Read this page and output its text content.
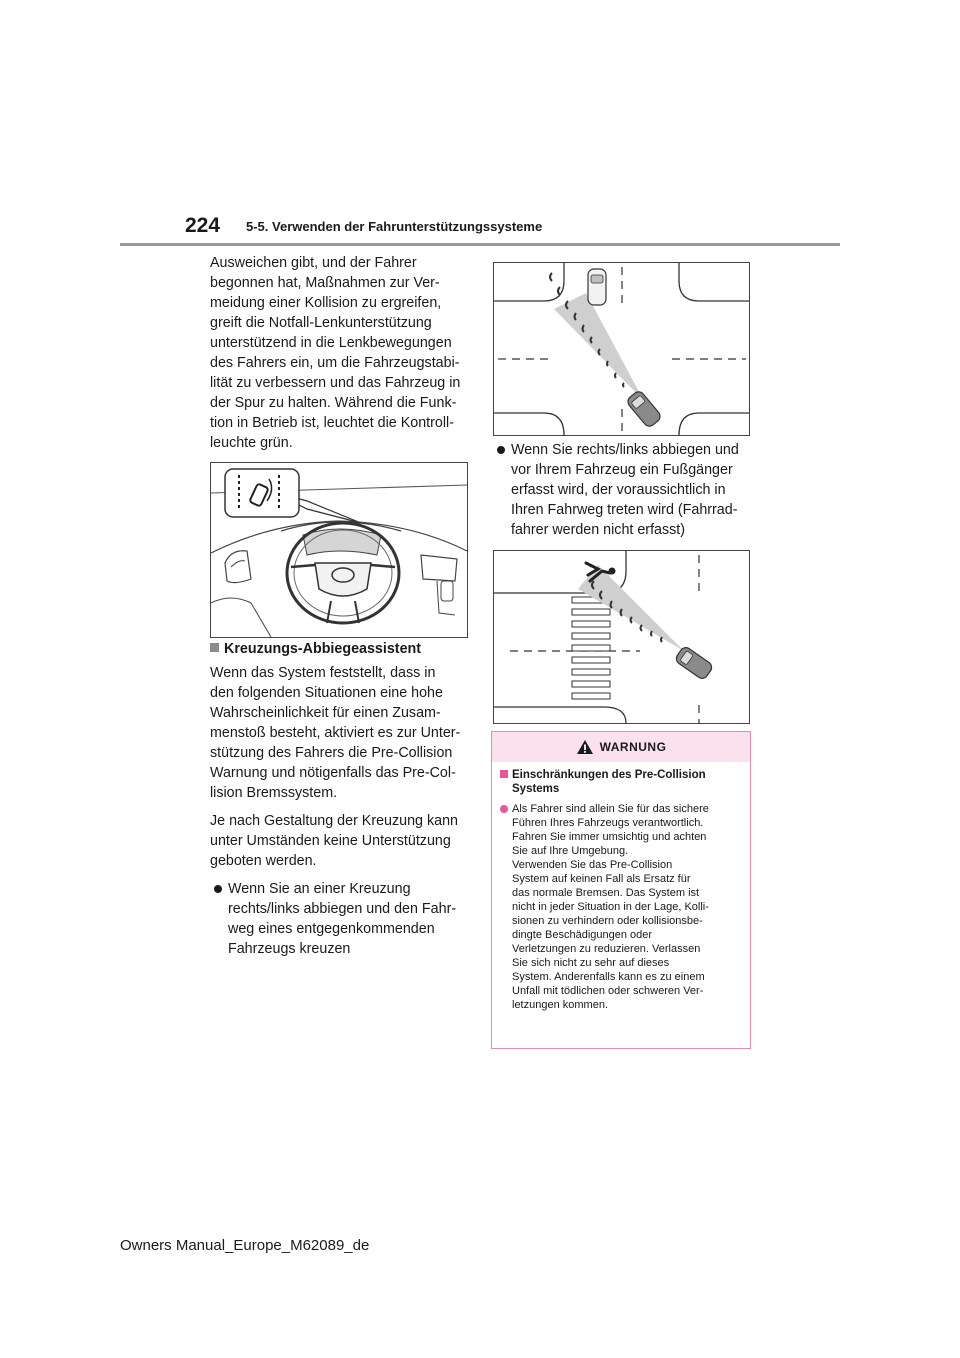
224 5-5. Verwenden der Fahrunterstützungssysteme

Ausweichen gibt, und der Fahrer
begonnen hat, Maßnahmen zur Ver-
meidung einer Kollision zu ergreifen,
greift die Notfall-Lenkunterstützung
unterstützend in die Lenkbewegungen
des Fahrers ein, um die Fahrzeugstabi-
lität zu verbessern und das Fahrzeug in
der Spur zu halten. Während die Funk-
tion in Betrieb ist, leuchtet die Kontroll-
leuchte grün.

Kreuzungs-Abbiegeassistent

Wenn das System feststellt, dass in
den folgenden Situationen eine hohe
Wahrscheinlichkeit für einen Zusam-
menstoß besteht, aktiviert es zur Unter-
stützung des Fahrers die Pre-Collision
Warnung und nötigenfalls das Pre-Col-
lision Bremssystem.

Je nach Gestaltung der Kreuzung kann
unter Umständen keine Unterstützung
geboten werden.

Wenn Sie an einer Kreuzung
rechts/links abbiegen und den Fahr-
weg eines entgegenkommenden
Fahrzeugs kreuzen
Wenn Sie rechts/links abbiegen und
vor Ihrem Fahrzeug ein Fußgänger
erfasst wird, der voraussichtlich in
Ihren Fahrweg treten wird (Fahrrad-
fahrer werden nicht erfasst)
WARNUNG
Einschränkungen des Pre-Collision
Systems
Als Fahrer sind allein Sie für das sichere
Führen Ihres Fahrzeugs verantwortlich.
Fahren Sie immer umsichtig und achten
Sie auf Ihre Umgebung.
Verwenden Sie das Pre-Collision
System auf keinen Fall als Ersatz für
das normale Bremsen. Das System ist
nicht in jeder Situation in der Lage, Kolli-
sionen zu verhindern oder kollisionsbe-
dingte Beschädigungen oder
Verletzungen zu reduzieren. Verlassen
Sie sich nicht zu sehr auf dieses
System. Anderenfalls kann es zu einem
Unfall mit tödlichen oder schweren Ver-
letzungen kommen.
Owners Manual_Europe_M62089_de
